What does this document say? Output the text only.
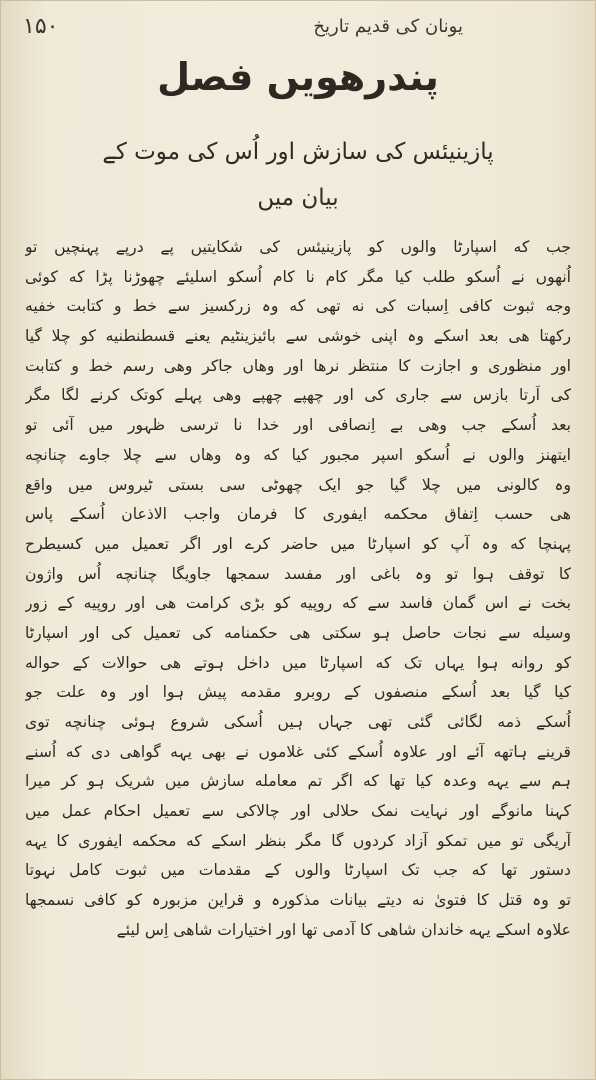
۱۵۰	یونان کی قدیم تاریخ
پندرھویں فصل
پازینیئس کی سازش اور اُس کی موت کے
بیان میں
جب که اسپارٹا والوں کو پازینیئس کی شکایتیں پے درپے پہنچیں تو
اُنھوں نے اُسکو طلب کیا مگر کام نا کام اُسکو اسلیئے چھوڑنا پڑا که کوئی
وجه ثبوت کافی اِسبات کی نه تھی که وہ زرکسیز سے خط و کتابت خفیه
رکھتا ھی بعد اسکے وہ اپنی خوشی سے بائیزینٹیم یعنے قسطنطنیه کو چلا گیا
اور منظوری و اجازت کا منتظر نرھا اور وھاں جاکر وھی رسم خط و کتابت
کی اَرتا بازس سے جاری کی اور چھپے چھپے وھی پہلے کوتک کرنے لگا مگر
بعد اُسکے جب وھی بے اِنصافی اور خدا نا ترسی ظہور میں آئی تو
ایتھنز والوں نے اُسکو اسپر مجبور کیا که وہ وھاں سے چلا جاوے چنانچه
وہ کالونی میں چلا گیا جو ایک چھوٹی سی بستی ٹیروس میں واقع
ھی حسب اِتفاق محکمه ایفوری کا فرمان واجب الاذعان اُسکے پاس
پہنچا که وہ آپ کو اسپارٹا میں حاضر کرے اور اگر تعمیل میں کسیطرح
کا توقف ہوا تو وہ باغی اور مفسد سمجھا جاویگا چنانچه اُس واژون
بخت نے اس گمان فاسد سے که روپیه کو بڑی کرامت ھی اور روپیه کے زور
وسیله سے نجات حاصل ہو سکتی ھی حکمنامه کی تعمیل کی اور اسپارٹا
کو روانه ہوا یہاں تک که اسپارٹا میں داخل ہوتے ھی حوالات کے حواله
کیا گیا بعد اُسکے منصفوں کے روبرو مقدمه پیش ہوا اور وہ علت جو
اُسکے ذمه لگائی گئی تھی جہاں ہیں اُسکی شروع ہوئی چنانچه توی
قرینے ہاتھه آئے اور علاوہ اُسکے کئی غلاموں نے بھی یہه گواھی دی که اُسنے
ہم سے یہه وعدہ کیا تھا که اگر تم معامله سازش میں شریک ہو کر میرا
کہنا مانوگے اور نہایت نمک حلالی اور چالاکی سے تعمیل احکام عمل میں
آریگی تو میں تمکو آزاد کردوں گا مگر بنظر اسکے که محکمه ایفوری کا یہه
دستور تھا که جب تک اسپارٹا والوں کے مقدمات میں ثبوت کامل نہوتا
تو وہ قتل کا فتویٰ نه دیتے بیانات مذکورہ و قراین مزبورہ کو کافی نسمجھا
علاوہ اسکے یہه خاندان شاھی کا آدمی تھا اور اختیارات شاھی اِس لیئے
